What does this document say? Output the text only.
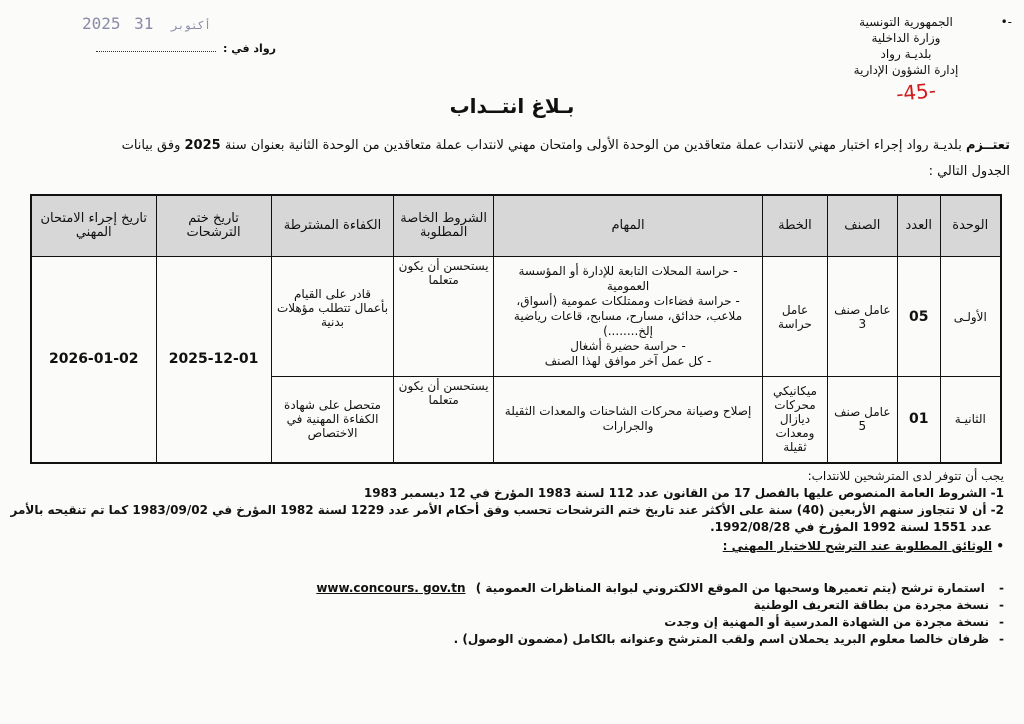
الجمهورية التونسية	-•
وزارة الداخلية
بلديـة رواد
إدارة الشؤون الإدارية
2025	أكتوبر 31
رواد في :
-45-
بـلاغ انتــداب
تعتــزم بلديـة رواد إجراء اختبار مهني لانتداب عملة متعاقدين من الوحدة الأولى وامتحان مهني لانتداب عملة متعاقدين من الوحدة الثانية بعنوان سنة 2025 وفق بيانات
الجدول التالي :
الوحدة	العدد	الصنف	الخطة	المهام	الشروط الخاصة المطلوبة	الكفاءة المشترطة	تاريخ ختم الترشحات	تاريخ إجراء الامتحان المهني
الأولـى	05	عامل صنف 3	عامل حراسة	- حراسة المحلات التابعة للإدارة أو المؤسسة العمومية
- حراسة فضاءات وممتلكات عمومية (أسواق، ملاعب، حدائق، مسارح، مسابح، قاعات رياضية إلخ........)
- حراسة حضيرة أشغال
- كل عمل آخر موافق لهذا الصنف	يستحسن أن يكون متعلما	قادر على القيام بأعمال تتطلب مؤهلات بدنية	2025-12-01	2026-01-02
الثانيـة	01	عامل صنف 5	ميكانيكي محركات ديازال ومعدات ثقيلة	إصلاح وصيانة محركات الشاحنات والمعدات الثقيلة والجرارات	يستحسن أن يكون متعلما	متحصل على شهادة الكفاءة المهنية في الاختصاص		
يجب أن تتوفر لدى المترشحين للانتداب:
1- الشروط العامة المنصوص عليها بالفصل 17 من القانون عدد 112 لسنة 1983 المؤرخ في 12 ديسمبر 1983
2- أن لا تتجاوز سنهم الأربعين (40) سنة على الأكثر عند تاريخ ختم الترشحات تحسب وفق أحكام الأمر عدد 1229 لسنة 1982 المؤرخ في 1983/09/02 كما تم تنقيحه بالأمر
عدد 1551 لسنة 1992 المؤرخ في 1992/08/28.
• الوثائق المطلوبة عند الترشح للاختبار المهني :
- استمارة ترشح (يتم تعميرها وسحبها من الموقع الالكتروني لبوابة المناظرات العمومية ) www.concours. gov.tn
-نسخة مجردة من بطاقة التعريف الوطنية
-نسخة مجردة من الشهادة المدرسية أو المهنية إن وجدت
-ظرفان خالصا معلوم البريد يحملان اسم ولقب المترشح وعنوانه بالكامل (مضمون الوصول) .
